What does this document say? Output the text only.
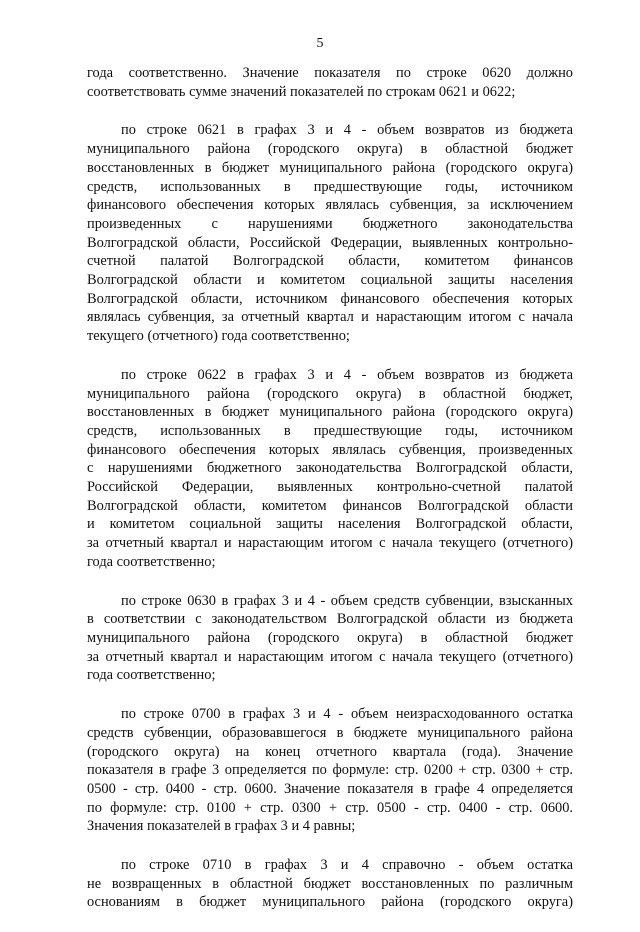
5

года соответственно. Значение показателя по строке 0620 должно
соответствовать сумме значений показателей по строкам 0621 и 0622;

по строке 0621 в графах 3 и 4 - объем возвратов из бюджета
муниципального района (городского округа) в областной бюджет
восстановленных в бюджет муниципального района (городского округа)
средств, использованных в предшествующие годы, источником
финансового обеспечения которых являлась субвенция, за исключением
произведенных с нарушениями бюджетного законодательства
Волгоградской области, Российской Федерации, выявленных контрольно-
счетной палатой Волгоградской области, комитетом финансов
Волгоградской области и комитетом социальной защиты населения
Волгоградской области, источником финансового обеспечения которых
являлась субвенция, за отчетный квартал и нарастающим итогом с начала
текущего (отчетного) года соответственно;

по строке 0622 в графах 3 и 4 - объем возвратов из бюджета
муниципального района (городского округа) в областной бюджет,
восстановленных в бюджет муниципального района (городского округа)
средств, использованных в предшествующие годы, источником
финансового обеспечения которых являлась субвенция, произведенных
с нарушениями бюджетного законодательства Волгоградской области,
Российской Федерации, выявленных контрольно-счетной палатой
Волгоградской области, комитетом финансов Волгоградской области
и комитетом социальной защиты населения Волгоградской области,
за отчетный квартал и нарастающим итогом с начала текущего (отчетного)
года соответственно;

по строке 0630 в графах 3 и 4 - объем средств субвенции, взысканных
в соответствии с законодательством Волгоградской области из бюджета
муниципального района (городского округа) в областной бюджет
за отчетный квартал и нарастающим итогом с начала текущего (отчетного)
года соответственно;

по строке 0700 в графах 3 и 4 - объем неизрасходованного остатка
средств субвенции, образовавшегося в бюджете муниципального района
(городского округа) на конец отчетного квартала (года). Значение
показателя в графе 3 определяется по формуле: стр. 0200 + стр. 0300 + стр.
0500 - стр. 0400 - стр. 0600. Значение показателя в графе 4 определяется
по формуле: стр. 0100 + стр. 0300 + стр. 0500 - стр. 0400 - стр. 0600.
Значения показателей в графах 3 и 4 равны;

по строке 0710 в графах 3 и 4 справочно - объем остатка
не возвращенных в областной бюджет восстановленных по различным
основаниям в бюджет муниципального района (городского округа)
